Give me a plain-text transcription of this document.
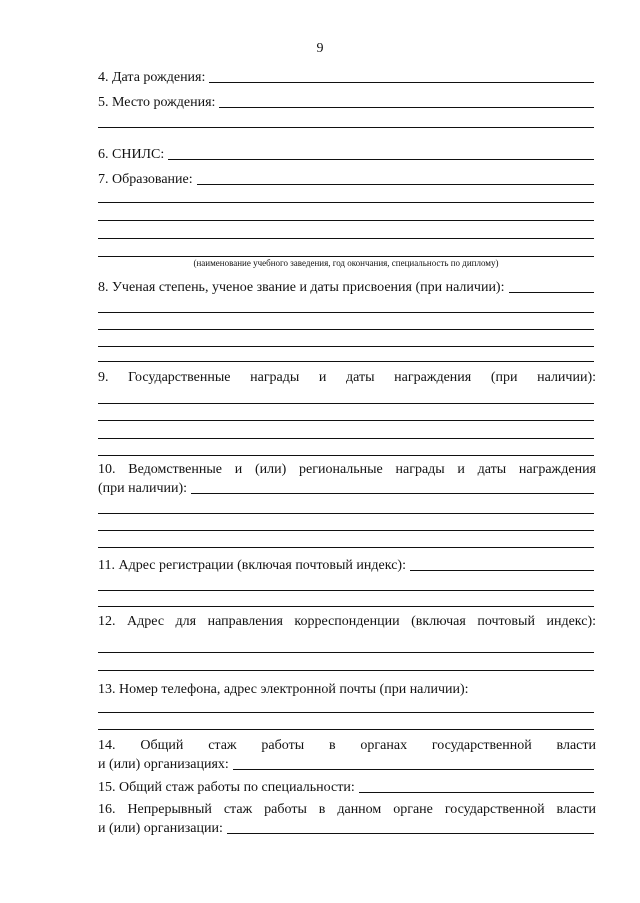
9
4. Дата рождения:
5. Место рождения:
6. СНИЛС:
7. Образование:
(наименование учебного заведения, год окончания, специальность по диплому)
8. Ученая степень, ученое звание и даты присвоения (при наличии):
9. Государственные награды и даты награждения (при наличии):
10. Ведомственные и (или) региональные награды и даты награждения
(при наличии):
11. Адрес регистрации (включая почтовый индекс):
12. Адрес для направления корреспонденции (включая почтовый индекс):
13. Номер телефона, адрес электронной почты (при наличии):
14. Общий стаж работы в органах государственной власти
и (или) организациях:
15. Общий стаж работы по специальности:
16. Непрерывный стаж работы в данном органе государственной власти
и (или) организации:
